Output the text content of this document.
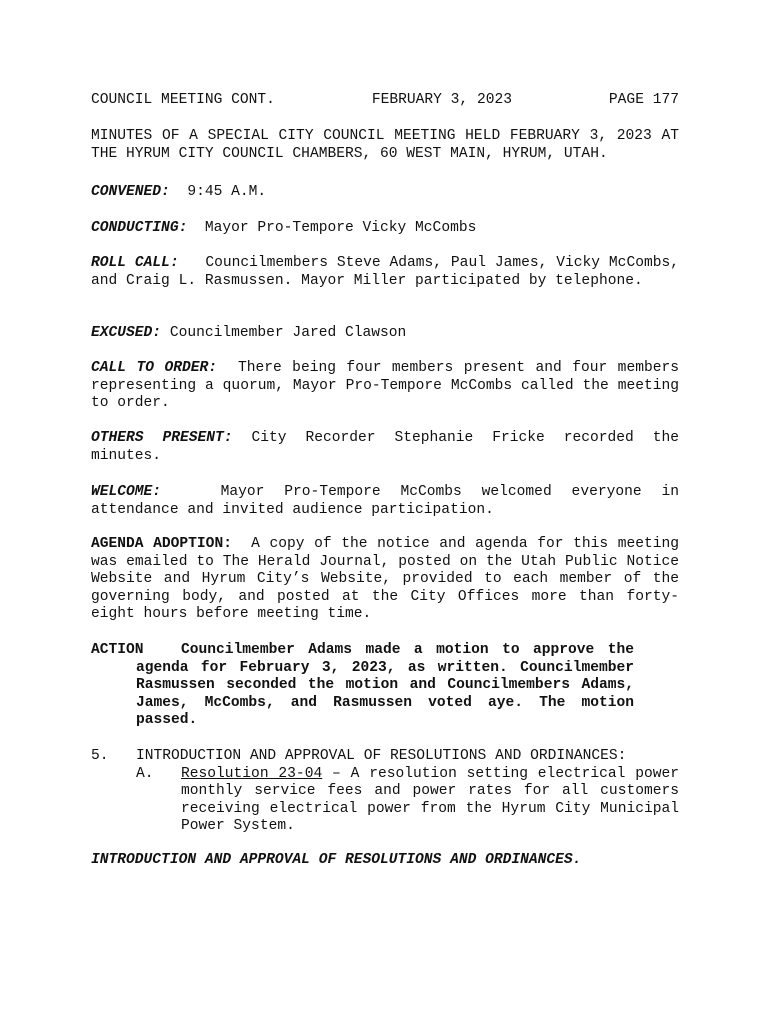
COUNCIL MEETING CONT.	FEBRUARY 3, 2023	PAGE 177

MINUTES OF A SPECIAL CITY COUNCIL MEETING HELD FEBRUARY 3, 2023 AT THE HYRUM CITY COUNCIL CHAMBERS, 60 WEST MAIN, HYRUM, UTAH.

CONVENED: 9:45 A.M.

CONDUCTING: Mayor Pro-Tempore Vicky McCombs

ROLL CALL: Councilmembers Steve Adams, Paul James, Vicky McCombs, and Craig L. Rasmussen. Mayor Miller participated by telephone.

EXCUSED: Councilmember Jared Clawson

CALL TO ORDER: There being four members present and four members representing a quorum, Mayor Pro-Tempore McCombs called the meeting to order.

OTHERS PRESENT: City Recorder Stephanie Fricke recorded the minutes.

WELCOME:	Mayor Pro-Tempore McCombs welcomed everyone in attendance and invited audience participation.

AGENDA ADOPTION: A copy of the notice and agenda for this meeting was emailed to The Herald Journal, posted on the Utah Public Notice Website and Hyrum City’s Website, provided to each member of the governing body, and posted at the City Offices more than forty-eight hours before meeting time.

ACTION	Councilmember Adams made a motion to approve the agenda for February 3, 2023, as written. Councilmember Rasmussen seconded the motion and Councilmembers Adams, James, McCombs, and Rasmussen voted aye. The motion passed.

5. INTRODUCTION AND APPROVAL OF RESOLUTIONS AND ORDINANCES:
A. Resolution 23-04 – A resolution setting electrical power monthly service fees and power rates for all customers receiving electrical power from the Hyrum City Municipal Power System.
INTRODUCTION AND APPROVAL OF RESOLUTIONS AND ORDINANCES.
